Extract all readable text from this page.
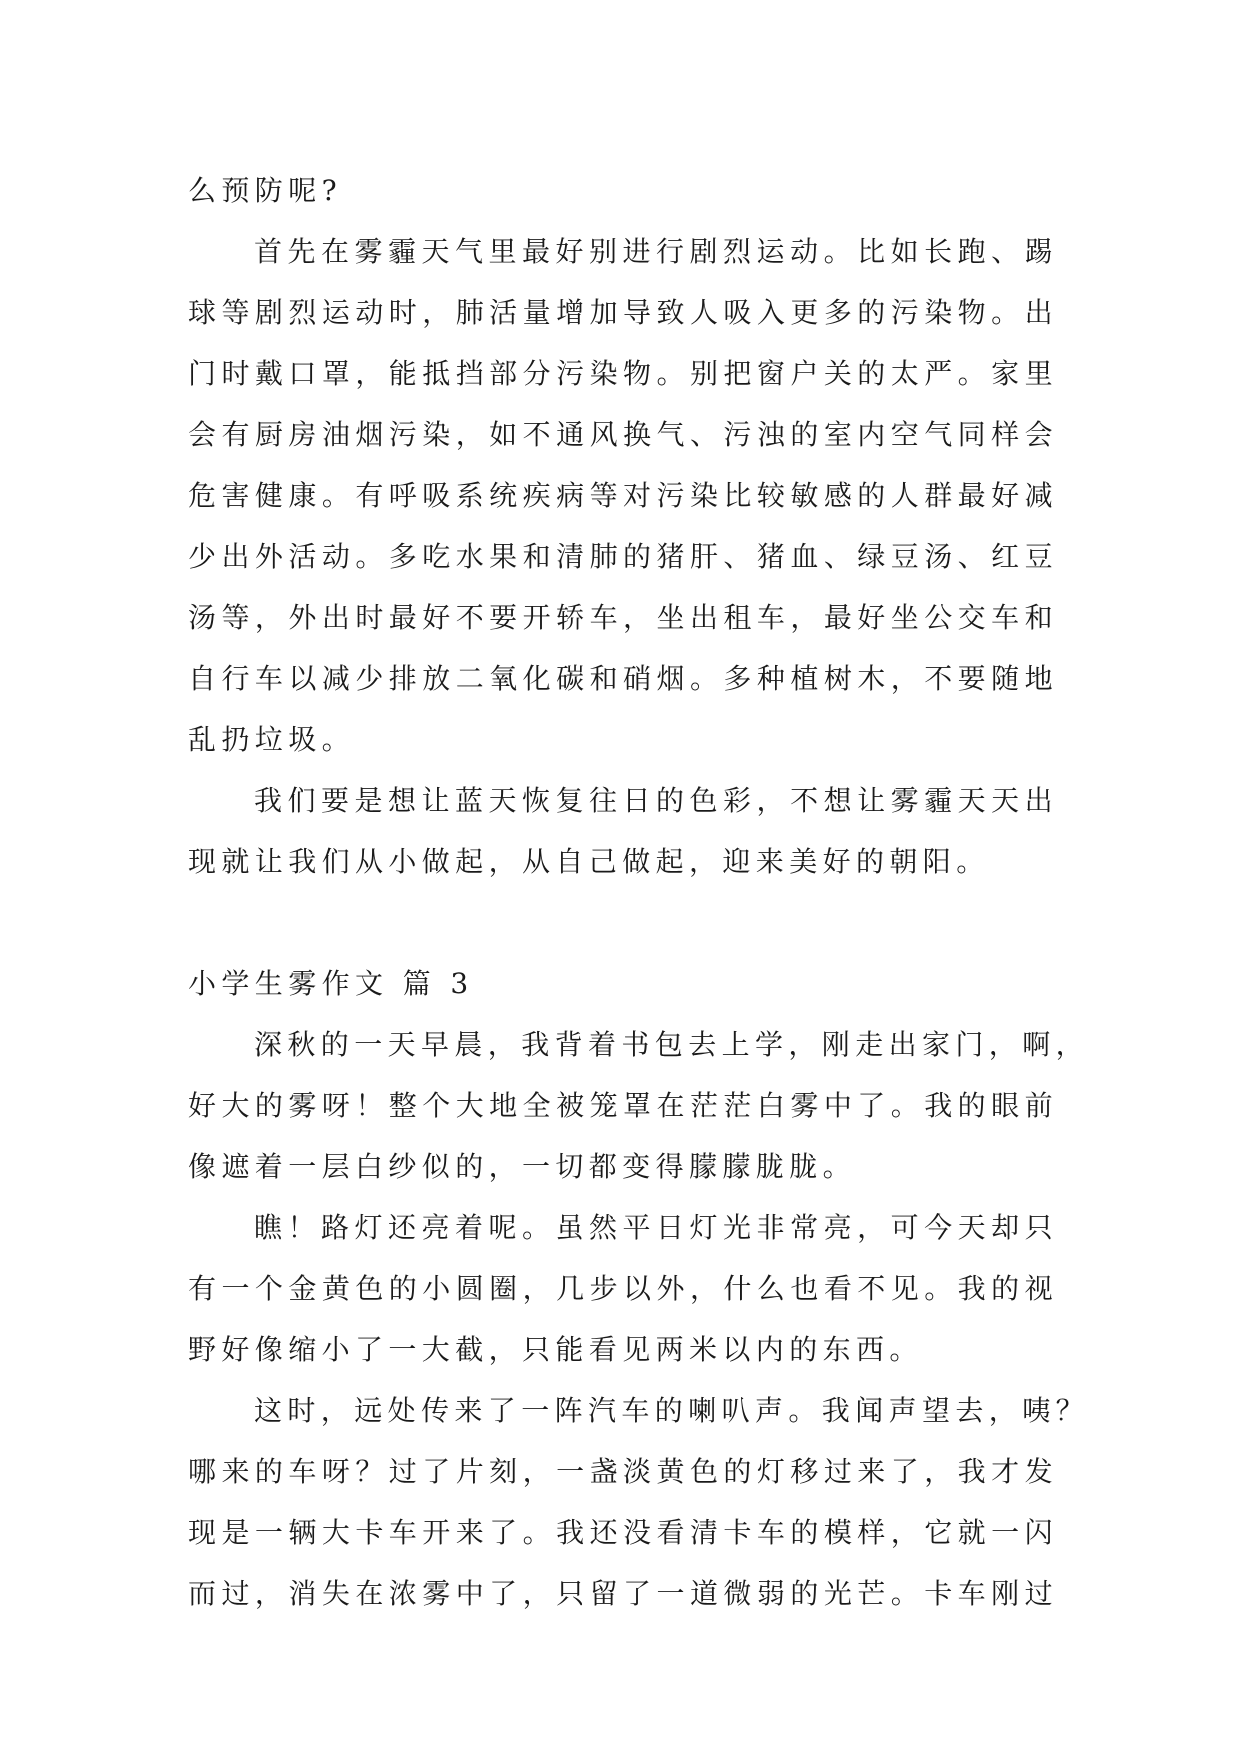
么预防呢?
首先在雾霾天气里最好别进行剧烈运动。比如长跑、踢
球等剧烈运动时，肺活量增加导致人吸入更多的污染物。出
门时戴口罩，能抵挡部分污染物。别把窗户关的太严。家里
会有厨房油烟污染，如不通风换气、污浊的室内空气同样会
危害健康。有呼吸系统疾病等对污染比较敏感的人群最好减
少出外活动。多吃水果和清肺的猪肝、猪血、绿豆汤、红豆
汤等，外出时最好不要开轿车，坐出租车，最好坐公交车和
自行车以减少排放二氧化碳和硝烟。多种植树木，不要随地
乱扔垃圾。
我们要是想让蓝天恢复往日的色彩，不想让雾霾天天出
现就让我们从小做起，从自己做起，迎来美好的朝阳。
小学生雾作文 篇 3
深秋的一天早晨，我背着书包去上学，刚走出家门，啊，
好大的雾呀！整个大地全被笼罩在茫茫白雾中了。我的眼前
像遮着一层白纱似的，一切都变得朦朦胧胧。
瞧！路灯还亮着呢。虽然平日灯光非常亮，可今天却只
有一个金黄色的小圆圈，几步以外，什么也看不见。我的视
野好像缩小了一大截，只能看见两米以内的东西。
这时，远处传来了一阵汽车的喇叭声。我闻声望去，咦？
哪来的车呀？过了片刻，一盏淡黄色的灯移过来了，我才发
现是一辆大卡车开来了。我还没看清卡车的模样，它就一闪
而过，消失在浓雾中了，只留了一道微弱的光芒。卡车刚过
